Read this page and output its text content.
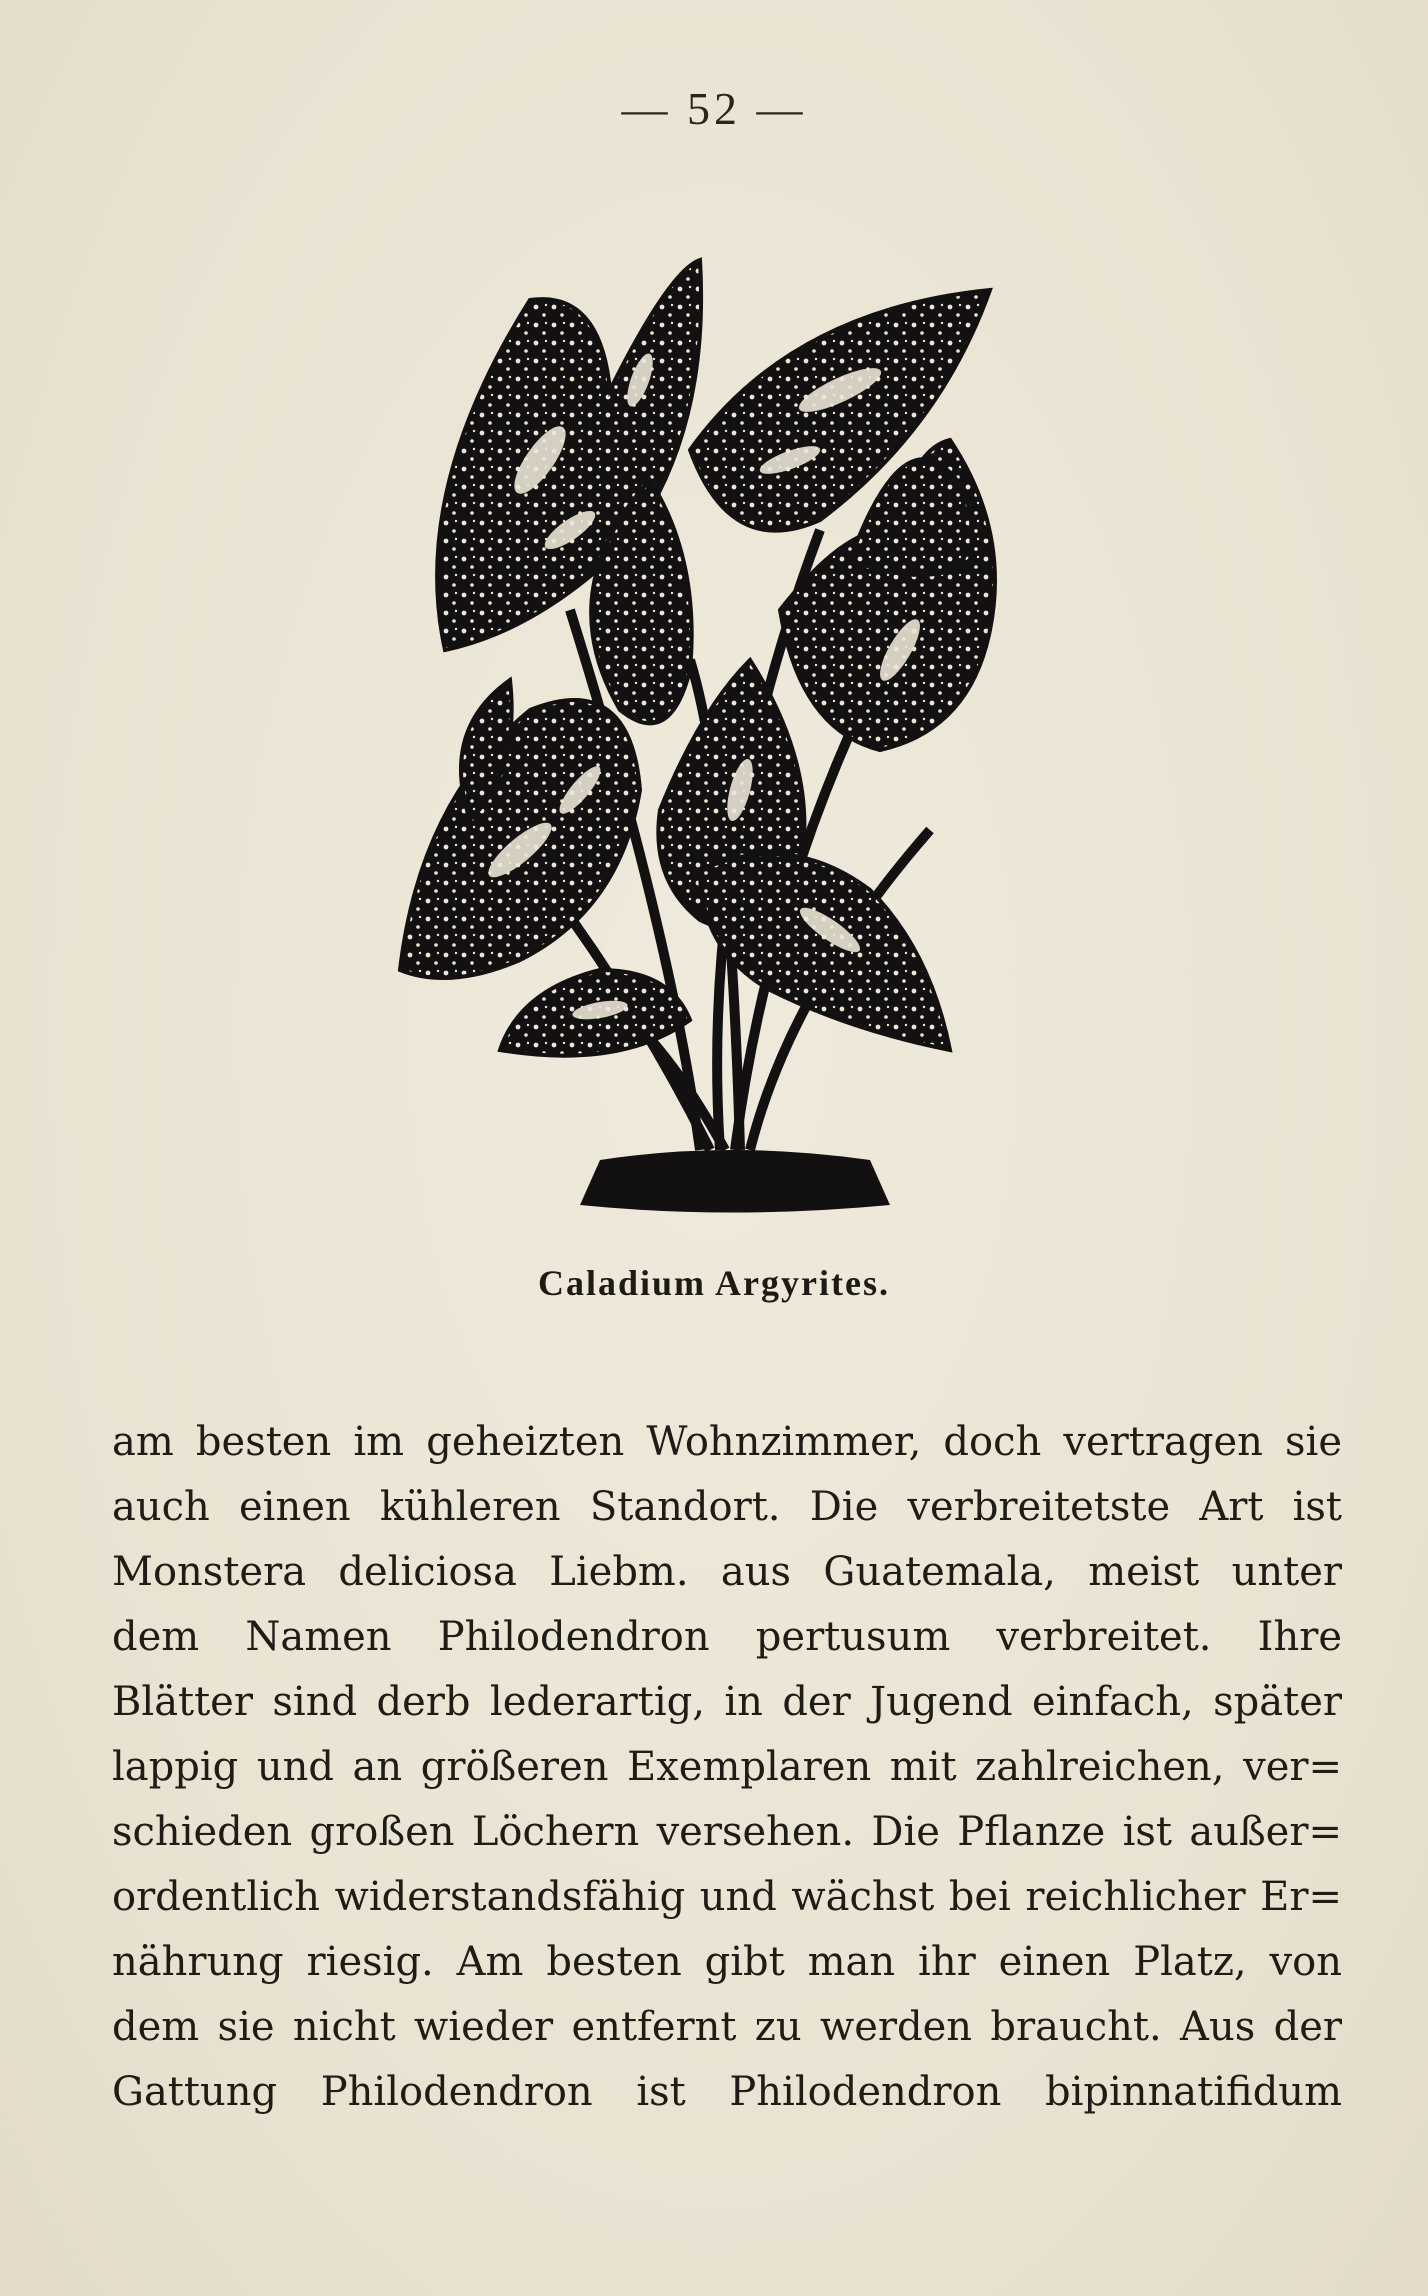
— 52 —
Caladium Argyrites.
am besten im geheizten Wohnzimmer, doch vertragen sie
auch einen kühleren Standort. Die verbreitetste Art ist
Monstera deliciosa Liebm. aus Guatemala, meist unter
dem Namen Philodendron pertusum verbreitet. Ihre
Blätter sind derb lederartig, in der Jugend einfach, später
lappig und an größeren Exemplaren mit zahlreichen, ver=
schieden großen Löchern versehen. Die Pflanze ist außer=
ordentlich widerstandsfähig und wächst bei reichlicher Er=
nährung riesig. Am besten gibt man ihr einen Platz, von
dem sie nicht wieder entfernt zu werden braucht. Aus der
Gattung Philodendron ist Philodendron bipinnatifidum
